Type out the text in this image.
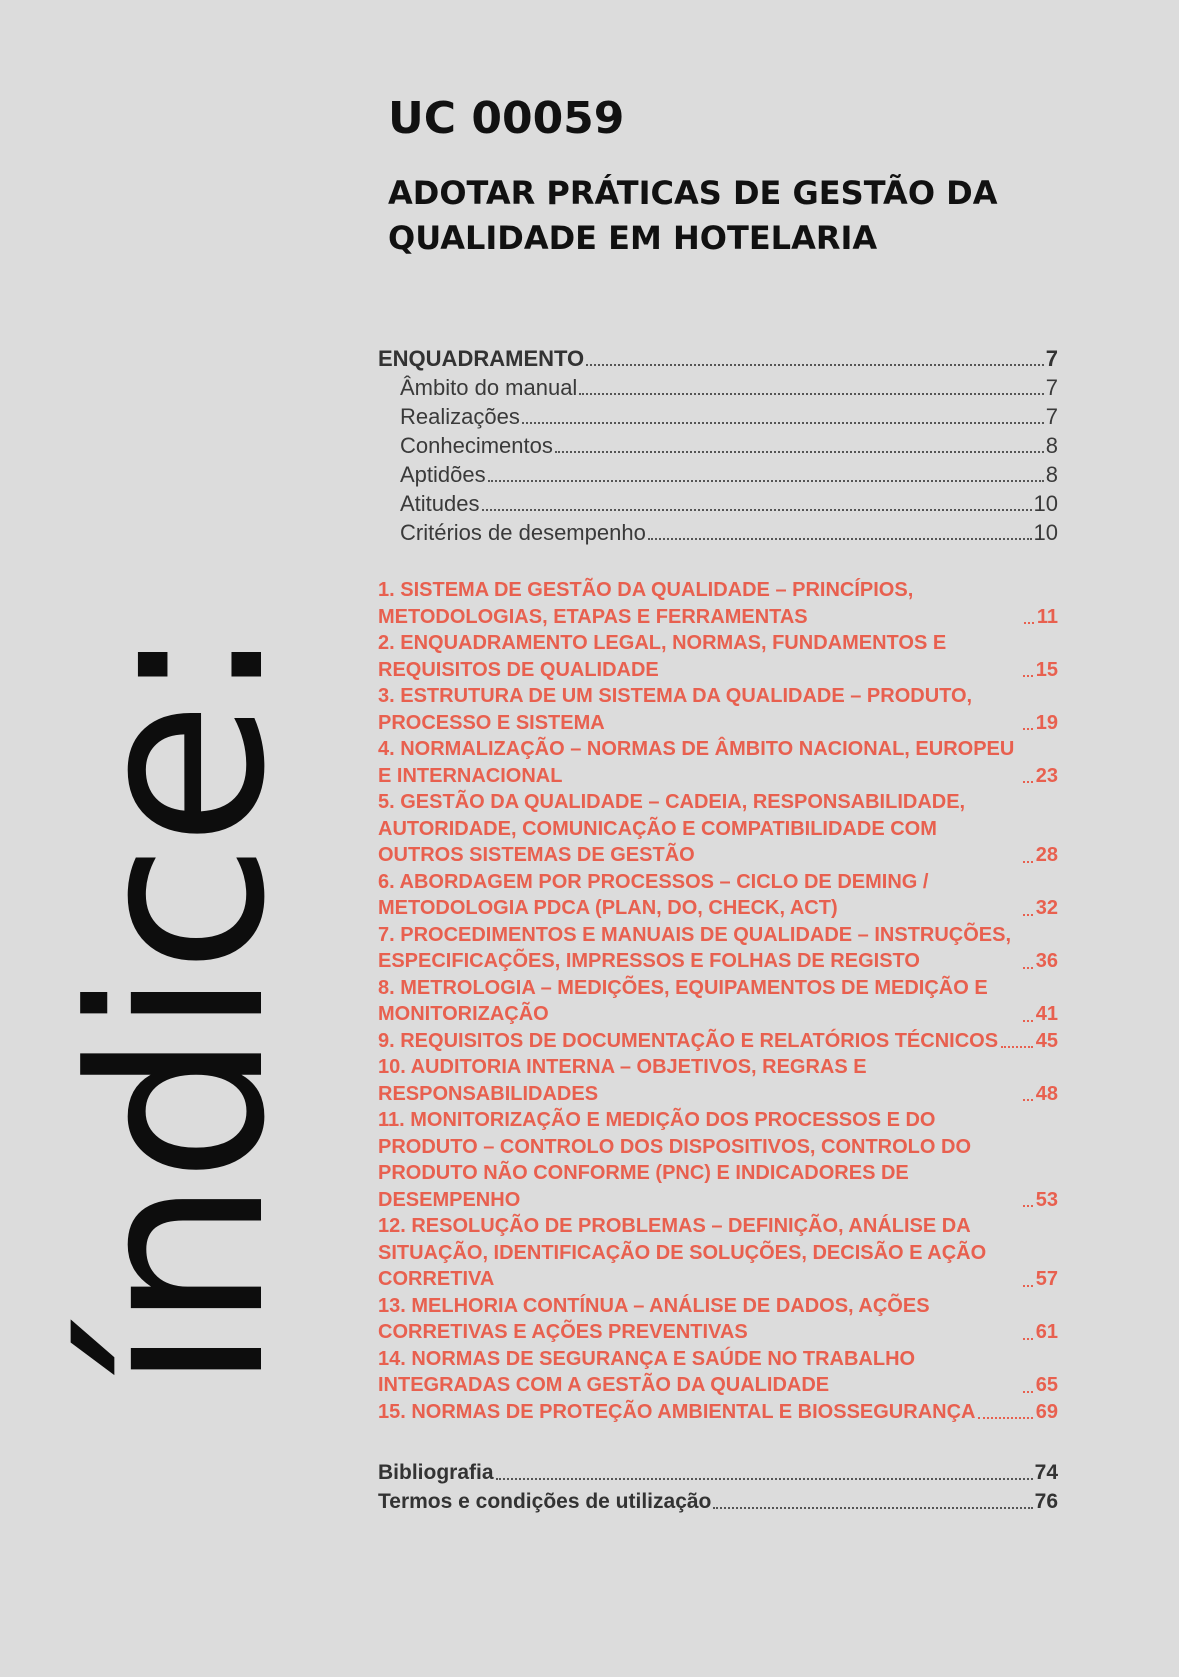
índice:
UC 00059
ADOTAR PRÁTICAS DE GESTÃO DA QUALIDADE EM HOTELARIA
ENQUADRAMENTO	7
Âmbito do manual	7
Realizações	7
Conhecimentos	8
Aptidões	8
Atitudes	10
Critérios de desempenho	10
1. SISTEMA DE GESTÃO DA QUALIDADE – PRINCÍPIOS, METODOLOGIAS, ETAPAS E FERRAMENTAS	11
2. ENQUADRAMENTO LEGAL, NORMAS, FUNDAMENTOS E REQUISITOS DE QUALIDADE	15
3. ESTRUTURA DE UM SISTEMA DA QUALIDADE – PRODUTO, PROCESSO E SISTEMA	19
4. NORMALIZAÇÃO – NORMAS DE ÂMBITO NACIONAL, EUROPEU E INTERNACIONAL	23
5. GESTÃO DA QUALIDADE – CADEIA, RESPONSABILIDADE, AUTORIDADE, COMUNICAÇÃO E COMPATIBILIDADE COM OUTROS SISTEMAS DE GESTÃO	28
6. ABORDAGEM POR PROCESSOS – CICLO DE DEMING / METODOLOGIA PDCA (PLAN, DO, CHECK, ACT)	32
7. PROCEDIMENTOS E MANUAIS DE QUALIDADE – INSTRUÇÕES, ESPECIFICAÇÕES, IMPRESSOS E FOLHAS DE REGISTO	36
8. METROLOGIA – MEDIÇÕES, EQUIPAMENTOS DE MEDIÇÃO E MONITORIZAÇÃO	41
9. REQUISITOS DE DOCUMENTAÇÃO E RELATÓRIOS TÉCNICOS 45
10. AUDITORIA INTERNA – OBJETIVOS, REGRAS E RESPONSABILIDADES	48
11. MONITORIZAÇÃO E MEDIÇÃO DOS PROCESSOS E DO PRODUTO – CONTROLO DOS DISPOSITIVOS, CONTROLO DO PRODUTO NÃO CONFORME (PNC) E INDICADORES DE DESEMPENHO	53
12. RESOLUÇÃO DE PROBLEMAS – DEFINIÇÃO, ANÁLISE DA SITUAÇÃO, IDENTIFICAÇÃO DE SOLUÇÕES, DECISÃO E AÇÃO CORRETIVA	57
13. MELHORIA CONTÍNUA – ANÁLISE DE DADOS, AÇÕES CORRETIVAS E AÇÕES PREVENTIVAS	61
14. NORMAS DE SEGURANÇA E SAÚDE NO TRABALHO INTEGRADAS COM A GESTÃO DA QUALIDADE	65
15. NORMAS DE PROTEÇÃO AMBIENTAL E BIOSSEGURANÇA	69
Bibliografia	74
Termos e condições de utilização	76
